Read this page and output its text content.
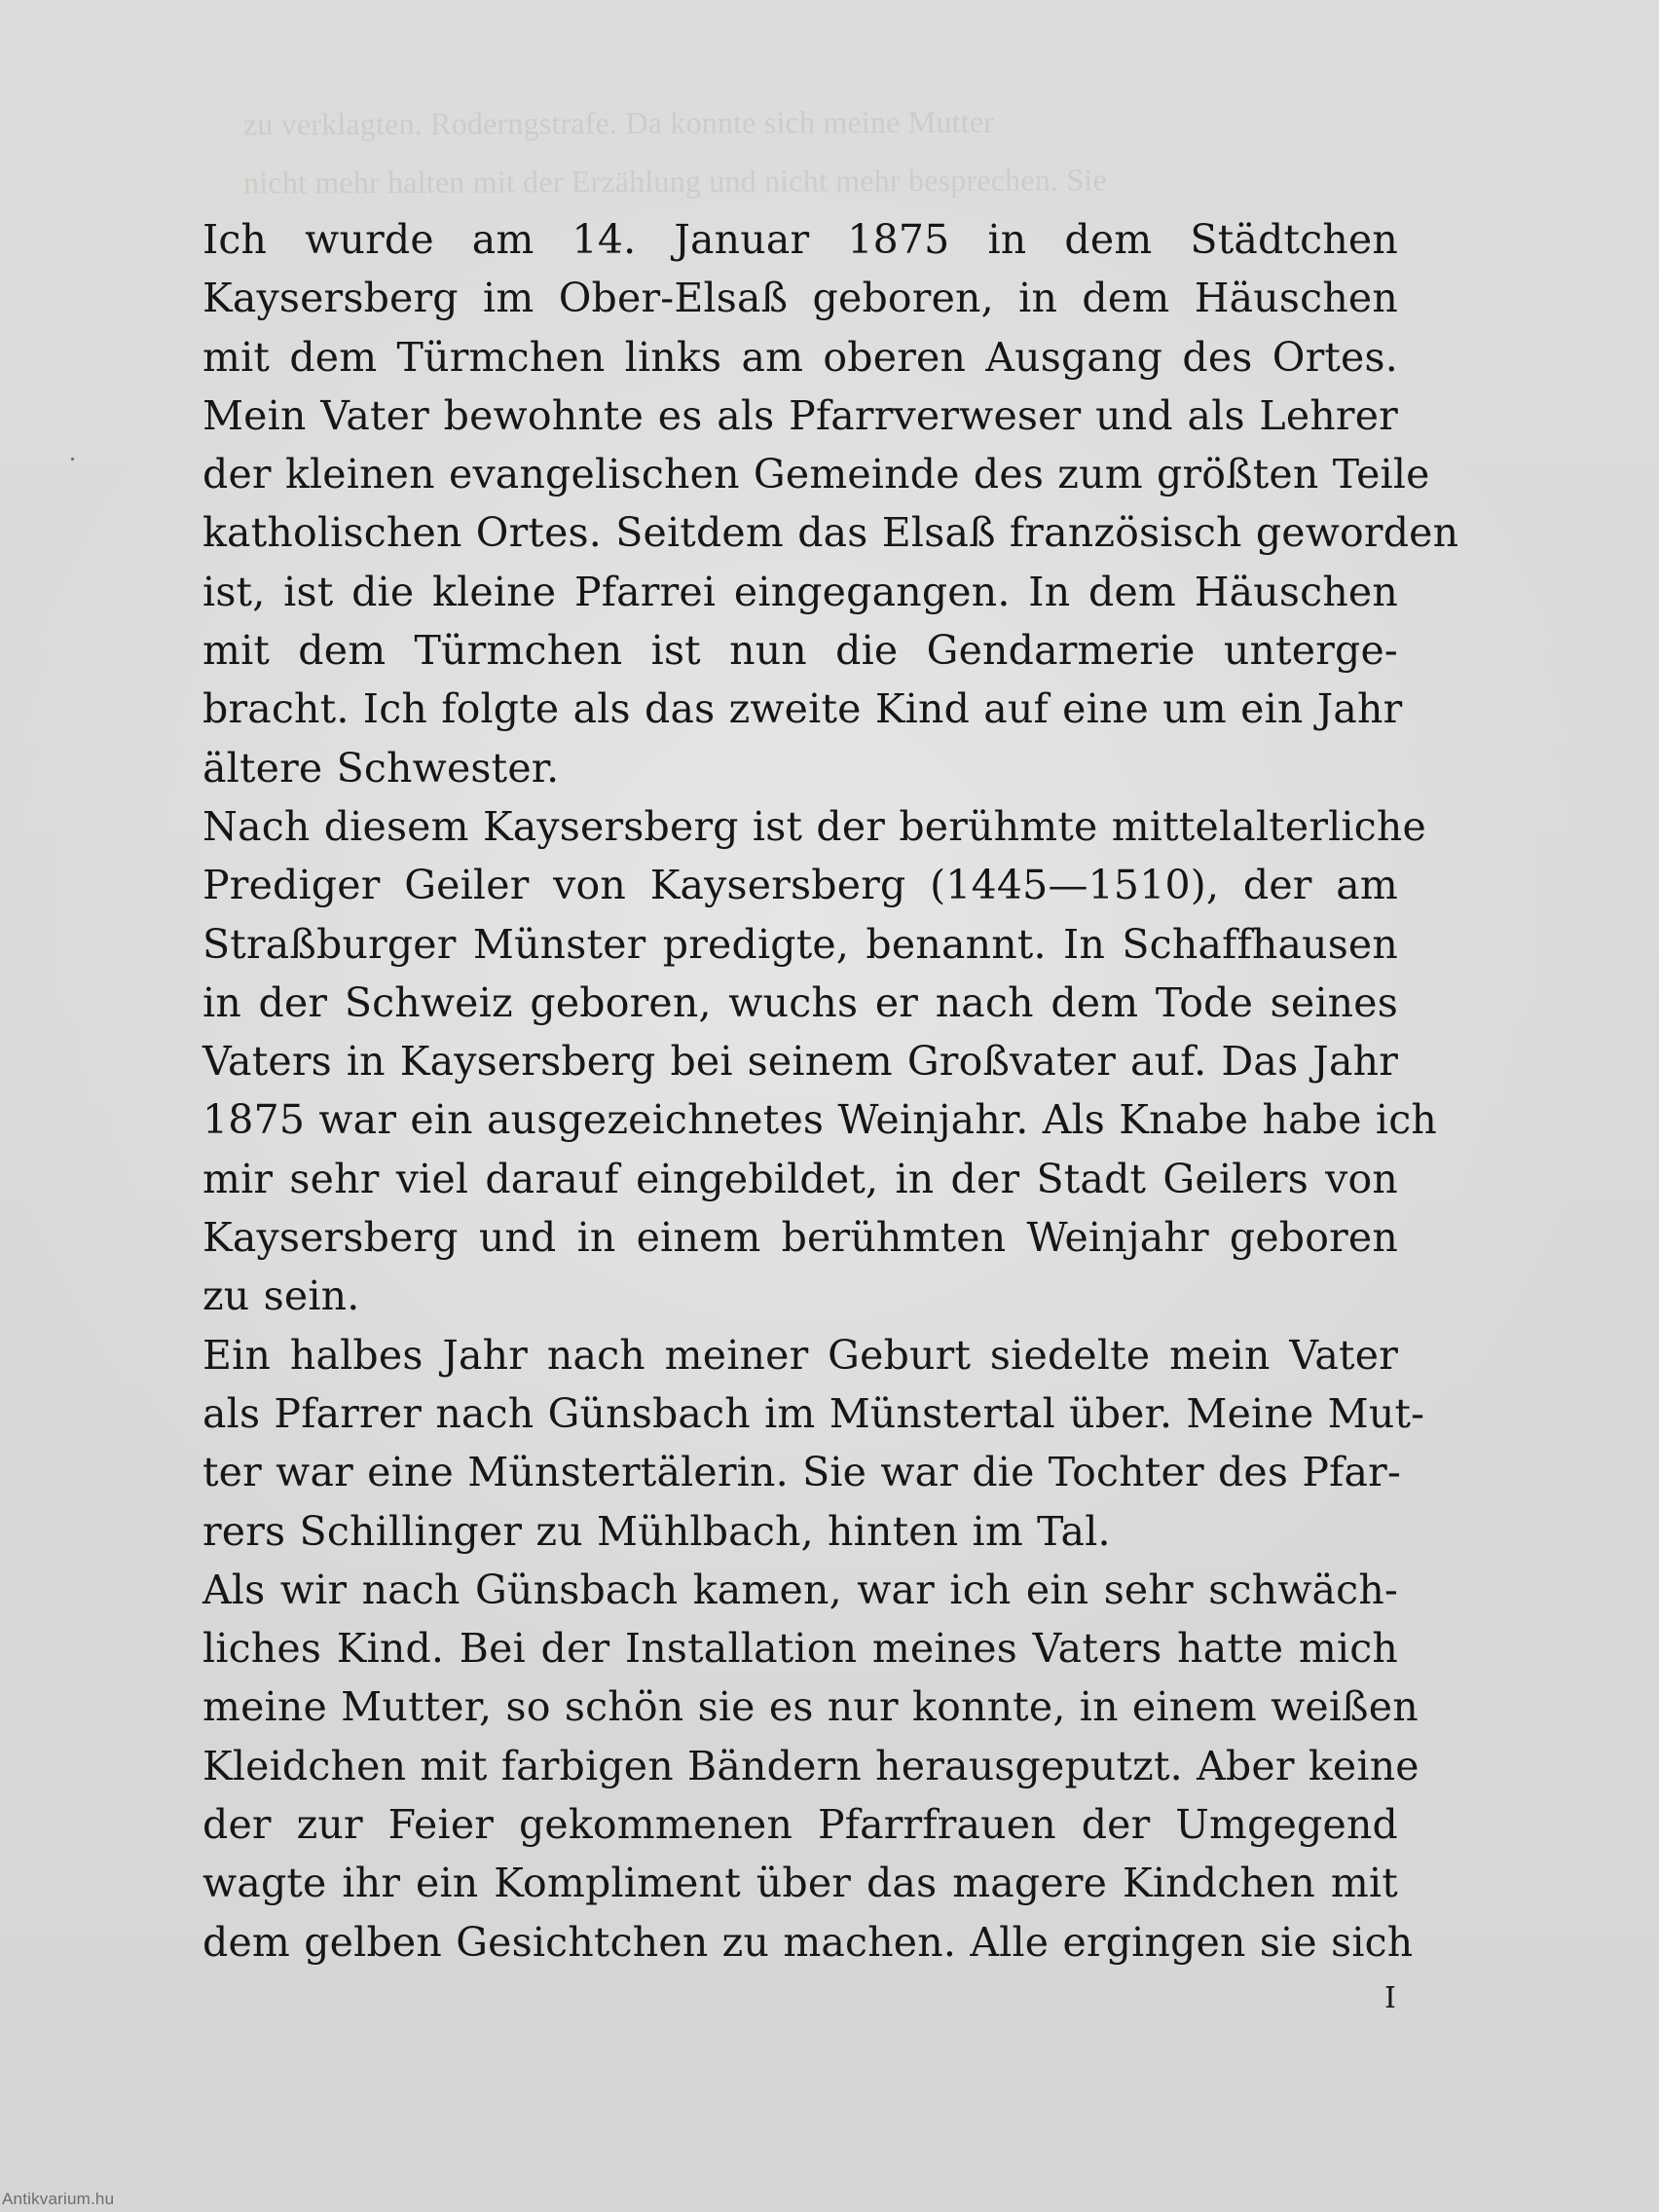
zu verklagten. Roderngstrafe. Da konnte sich meine Mutter
nicht mehr halten mit der Erzählung und nicht mehr besprechen. Sie
Ich wurde am 14. Januar 1875 in dem Städtchen
Kaysersberg im Ober-Elsaß geboren, in dem Häuschen
mit dem Türmchen links am oberen Ausgang des Ortes.
Mein Vater bewohnte es als Pfarrverweser und als Lehrer
der kleinen evangelischen Gemeinde des zum größten Teile
katholischen Ortes. Seitdem das Elsaß französisch geworden
ist, ist die kleine Pfarrei eingegangen. In dem Häuschen
mit dem Türmchen ist nun die Gendarmerie unterge-
bracht. Ich folgte als das zweite Kind auf eine um ein Jahr
ältere Schwester.
Nach diesem Kaysersberg ist der berühmte mittelalterliche
Prediger Geiler von Kaysersberg (1445—1510), der am
Straßburger Münster predigte, benannt. In Schaffhausen
in der Schweiz geboren, wuchs er nach dem Tode seines
Vaters in Kaysersberg bei seinem Großvater auf. Das Jahr
1875 war ein ausgezeichnetes Weinjahr. Als Knabe habe ich
mir sehr viel darauf eingebildet, in der Stadt Geilers von
Kaysersberg und in einem berühmten Weinjahr geboren
zu sein.
Ein halbes Jahr nach meiner Geburt siedelte mein Vater
als Pfarrer nach Günsbach im Münstertal über. Meine Mut-
ter war eine Münstertälerin. Sie war die Tochter des Pfar-
rers Schillinger zu Mühlbach, hinten im Tal.
Als wir nach Günsbach kamen, war ich ein sehr schwäch-
liches Kind. Bei der Installation meines Vaters hatte mich
meine Mutter, so schön sie es nur konnte, in einem weißen
Kleidchen mit farbigen Bändern herausgeputzt. Aber keine
der zur Feier gekommenen Pfarrfrauen der Umgegend
wagte ihr ein Kompliment über das magere Kindchen mit
dem gelben Gesichtchen zu machen. Alle ergingen sie sich
I
Antikvarium.hu
